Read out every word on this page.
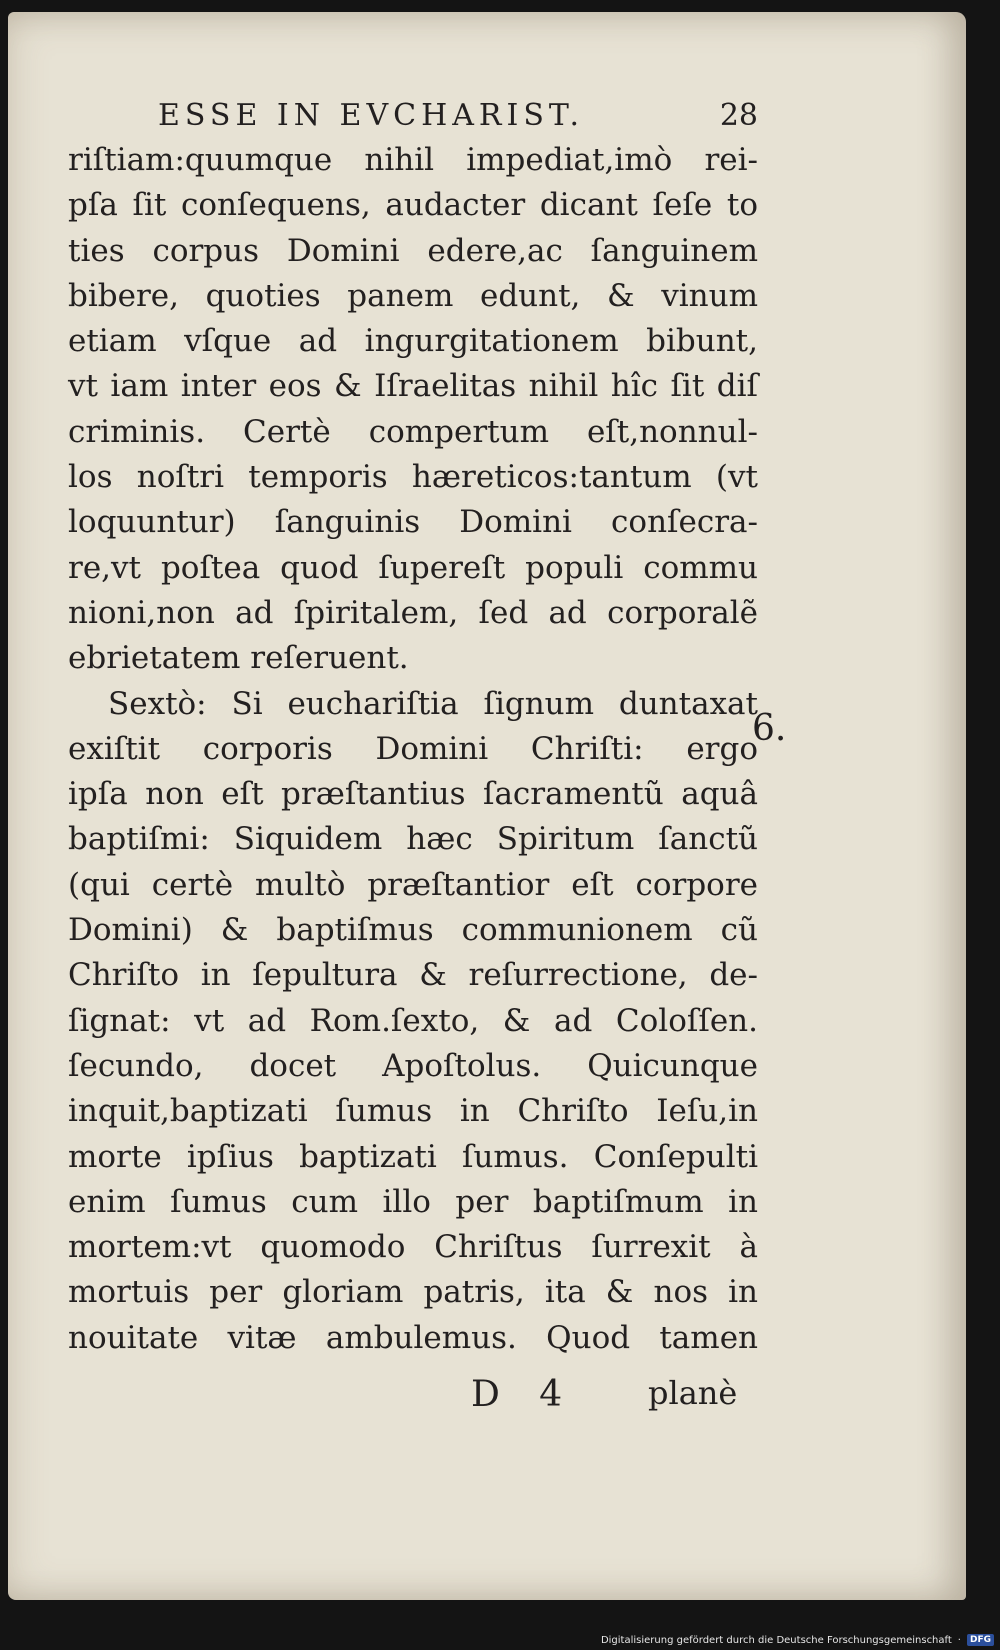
ESSE IN EVCHARIST.	28
riſtiam:quumque nihil impediat,imò rei-
pſa ſit conſequens, audacter dicant ſeſe to
ties corpus Domini edere,ac ſanguinem
bibere, quoties panem edunt, & vinum
etiam vſque ad ingurgitationem bibunt,
vt iam inter eos & Iſraelitas nihil hîc ſit diſ
criminis. Certè compertum eſt,nonnul-
los noſtri temporis hæreticos:tantum (vt
loquuntur) ſanguinis Domini conſecra-
re,vt poſtea quod ſupereſt populi commu
nioni,non ad ſpiritalem, ſed ad corporalẽ
ebrietatem reſeruent.
Sextò: Si euchariſtia ſignum duntaxat
exiſtit corporis Domini Chriſti: ergo
ipſa non eſt præſtantius ſacramentũ aquâ
baptiſmi: Siquidem hæc Spiritum ſanctũ
(qui certè multò præſtantior eſt corpore
Domini) & baptiſmus communionem cũ
Chriſto in ſepultura & reſurrectione, de-
ſignat: vt ad Rom.ſexto, & ad Coloſſen.
ſecundo, docet Apoſtolus. Quicunque
inquit,baptizati ſumus in Chriſto Ieſu,in
morte ipſius baptizati ſumus. Conſepulti
enim ſumus cum illo per baptiſmum in
mortem:vt quomodo Chriſtus ſurrexit à
mortuis per gloriam patris, ita & nos in
nouitate vitæ ambulemus. Quod tamen
6.
D 4 planè
Digitalisierung gefördert durch die Deutsche Forschungsgemeinschaft ·	DFG
